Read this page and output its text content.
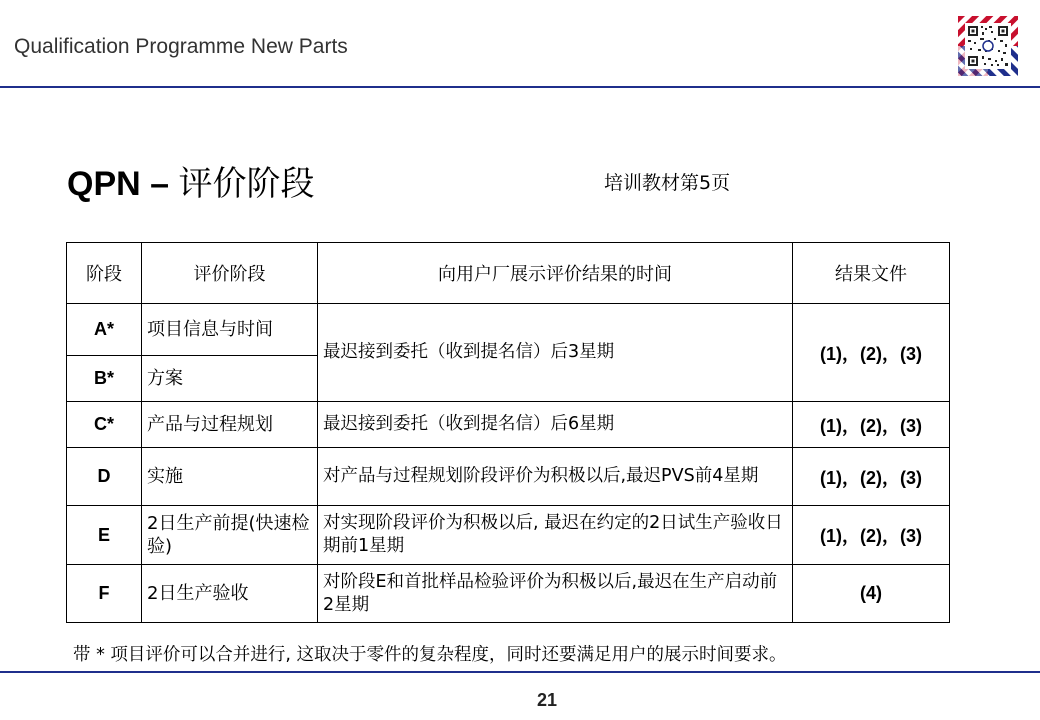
Qualification Programme New Parts
QPN – 评价阶段	培训教材第5页
阶段	评价阶段	向用户厂展示评价结果的时间	结果文件
A*	项目信息与时间	最迟接到委托（收到提名信）后3星期	(1)，(2)，(3)
B*	方案		
C*	产品与过程规划	最迟接到委托（收到提名信）后6星期	(1)，(2)，(3)
D	实施	对产品与过程规划阶段评价为积极以后,最迟PVS前4星期	(1)，(2)，(3)
E	2日生产前提(快速检验)	对实现阶段评价为积极以后, 最迟在约定的2日试生产验收日期前1星期	(1)，(2)，(3)
F	2日生产验收	对阶段E和首批样品检验评价为积极以后,最迟在生产启动前2星期	(4)
带 * 项目评价可以合并进行, 这取决于零件的复杂程度，同时还要满足用户的展示时间要求。
21
